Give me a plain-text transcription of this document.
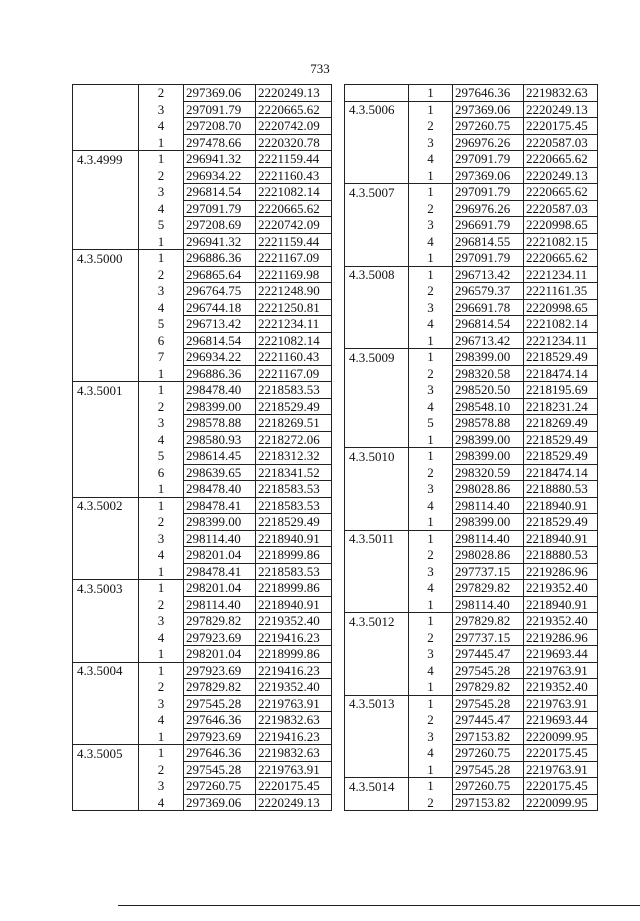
733
	2	297369.06	2220249.13
	3	297091.79	2220665.62
	4	297208.70	2220742.09
	1	297478.66	2220320.78
4.3.4999	1	296941.32	2221159.44
	2	296934.22	2221160.43
	3	296814.54	2221082.14
	4	297091.79	2220665.62
	5	297208.69	2220742.09
	1	296941.32	2221159.44
4.3.5000	1	296886.36	2221167.09
	2	296865.64	2221169.98
	3	296764.75	2221248.90
	4	296744.18	2221250.81
	5	296713.42	2221234.11
	6	296814.54	2221082.14
	7	296934.22	2221160.43
	1	296886.36	2221167.09
4.3.5001	1	298478.40	2218583.53
	2	298399.00	2218529.49
	3	298578.88	2218269.51
	4	298580.93	2218272.06
	5	298614.45	2218312.32
	6	298639.65	2218341.52
	1	298478.40	2218583.53
4.3.5002	1	298478.41	2218583.53
	2	298399.00	2218529.49
	3	298114.40	2218940.91
	4	298201.04	2218999.86
	1	298478.41	2218583.53
4.3.5003	1	298201.04	2218999.86
	2	298114.40	2218940.91
	3	297829.82	2219352.40
	4	297923.69	2219416.23
	1	298201.04	2218999.86
4.3.5004	1	297923.69	2219416.23
	2	297829.82	2219352.40
	3	297545.28	2219763.91
	4	297646.36	2219832.63
	1	297923.69	2219416.23
4.3.5005	1	297646.36	2219832.63
	2	297545.28	2219763.91
	3	297260.75	2220175.45
	4	297369.06	2220249.13
	1	297646.36	2219832.63
4.3.5006	1	297369.06	2220249.13
	2	297260.75	2220175.45
	3	296976.26	2220587.03
	4	297091.79	2220665.62
	1	297369.06	2220249.13
4.3.5007	1	297091.79	2220665.62
	2	296976.26	2220587.03
	3	296691.79	2220998.65
	4	296814.55	2221082.15
	1	297091.79	2220665.62
4.3.5008	1	296713.42	2221234.11
	2	296579.37	2221161.35
	3	296691.78	2220998.65
	4	296814.54	2221082.14
	1	296713.42	2221234.11
4.3.5009	1	298399.00	2218529.49
	2	298320.58	2218474.14
	3	298520.50	2218195.69
	4	298548.10	2218231.24
	5	298578.88	2218269.49
	1	298399.00	2218529.49
4.3.5010	1	298399.00	2218529.49
	2	298320.59	2218474.14
	3	298028.86	2218880.53
	4	298114.40	2218940.91
	1	298399.00	2218529.49
4.3.5011	1	298114.40	2218940.91
	2	298028.86	2218880.53
	3	297737.15	2219286.96
	4	297829.82	2219352.40
	1	298114.40	2218940.91
4.3.5012	1	297829.82	2219352.40
	2	297737.15	2219286.96
	3	297445.47	2219693.44
	4	297545.28	2219763.91
	1	297829.82	2219352.40
4.3.5013	1	297545.28	2219763.91
	2	297445.47	2219693.44
	3	297153.82	2220099.95
	4	297260.75	2220175.45
	1	297545.28	2219763.91
4.3.5014	1	297260.75	2220175.45
	2	297153.82	2220099.95
